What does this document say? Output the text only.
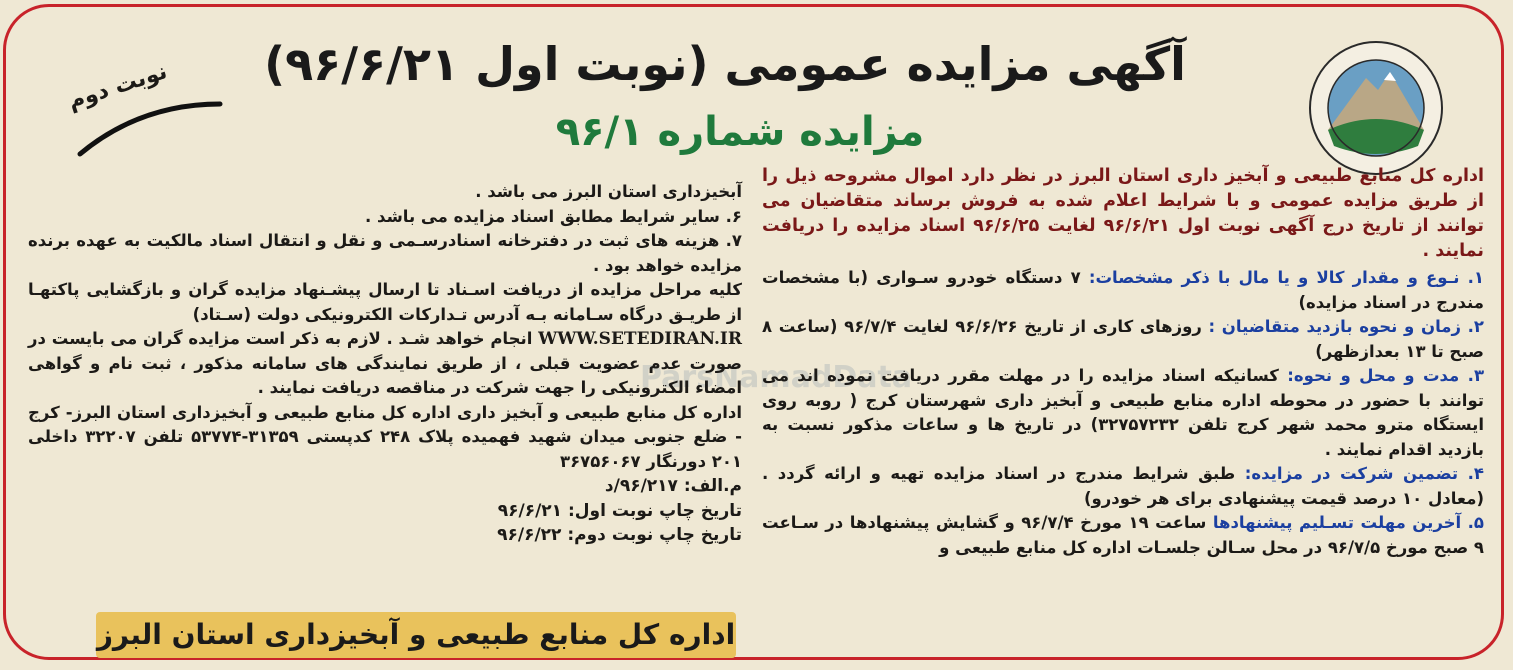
آگهی مزایده عمومی (نوبت اول ۹۶/۶/۲۱)
مزایده شماره ۹۶/۱
نوبت دوم
ParsNamadData

اداره کل منابع طبیعی و آبخیز داری استان البرز در نظر دارد اموال مشروحه ذیل را از طریق مزایده عمومی و با شرایط اعلام شده به فروش برساند متقاضیان می توانند از تاریخ درج آگهی نوبت اول ۹۶/۶/۲۱ لغایت ۹۶/۶/۲۵ اسناد مزایده را دریافت نمایند .

۱. نـوع و مقدار کالا و یا مال با ذکر مشخصات: ۷ دستگاه خودرو سـواری (با مشخصات مندرج در اسناد مزایده)

۲. زمان و نحوه بازدید متقاضیان : روزهای کاری از تاریخ ۹۶/۶/۲۶ لغایت ۹۶/۷/۴ (ساعت ۸ صبح تا ۱۳ بعدازظهر)

۳. مدت و محل و نحوه: کسانیکه اسناد مزایده را در مهلت مقرر دریافت نموده اند می توانند با حضور در محوطه اداره منابع طبیعی و آبخیز داری شهرستان کرج ( روبه روی ایستگاه مترو محمد شهر کرج تلفن ۳۲۷۵۷۲۳۲) در تاریخ ها و ساعات مذکور نسبت به بازدید اقدام نمایند .

۴. تضمین شرکت در مزایده: طبق شرایط مندرج در اسناد مزایده تهیه و ارائه گردد . (معادل ۱۰ درصد قیمت پیشنهادی برای هر خودرو)

۵. آخرین مهلت تسـلیم پیشنهادها ساعت ۱۹ مورخ ۹۶/۷/۴ و گشایش پیشنهادها در سـاعت ۹ صبح مورخ ۹۶/۷/۵ در محل سـالن جلسـات اداره کل منابع طبیعی و

آبخیزداری استان البرز می باشد .

۶. سایر شرایط مطابق اسناد مزایده می باشد .

۷. هزینه های ثبت در دفترخانه اسنادرسـمی و نقل و انتقال اسناد مالکیت به عهده برنده مزایده خواهد بود .

کلیه مراحل مزایده از دریافت اسـناد تا ارسال پیشـنهاد مزایده گران و بازگشایی پاکتهـا از طریـق درگاه سـامانه بـه آدرس تـدارکات الکترونیکی دولت (سـتاد)
WWW.SETEDIRAN.IR انجام خواهد شـد . لازم به ذکر است مزایده گران می بایست در صورت عدم عضویت قبلی ، از طریق نمایندگی های سامانه مذکور ، ثبت نام و گواهی امضاء الکترونیکی را جهت شرکت در مناقصه دریافت نمایند .

اداره کل منابع طبیعی و آبخیز داری اداره کل منابع طبیعی و آبخیزداری استان البرز- کرج - ضلع جنوبی میدان شهید فهمیده پلاک ۲۴۸ کدپستی ۳۱۳۵۹-۵۳۷۷۴ تلفن ۳۲۲۰۷ داخلی ۲۰۱ دورنگار ۳۶۷۵۶۰۶۷

م.الف: ۹۶/۲۱۷/د

تاریخ چاپ نوبت اول: ۹۶/۶/۲۱

تاریخ چاپ نوبت دوم: ۹۶/۶/۲۲

اداره کل منابع طبیعی و آبخیزداری استان البرز
